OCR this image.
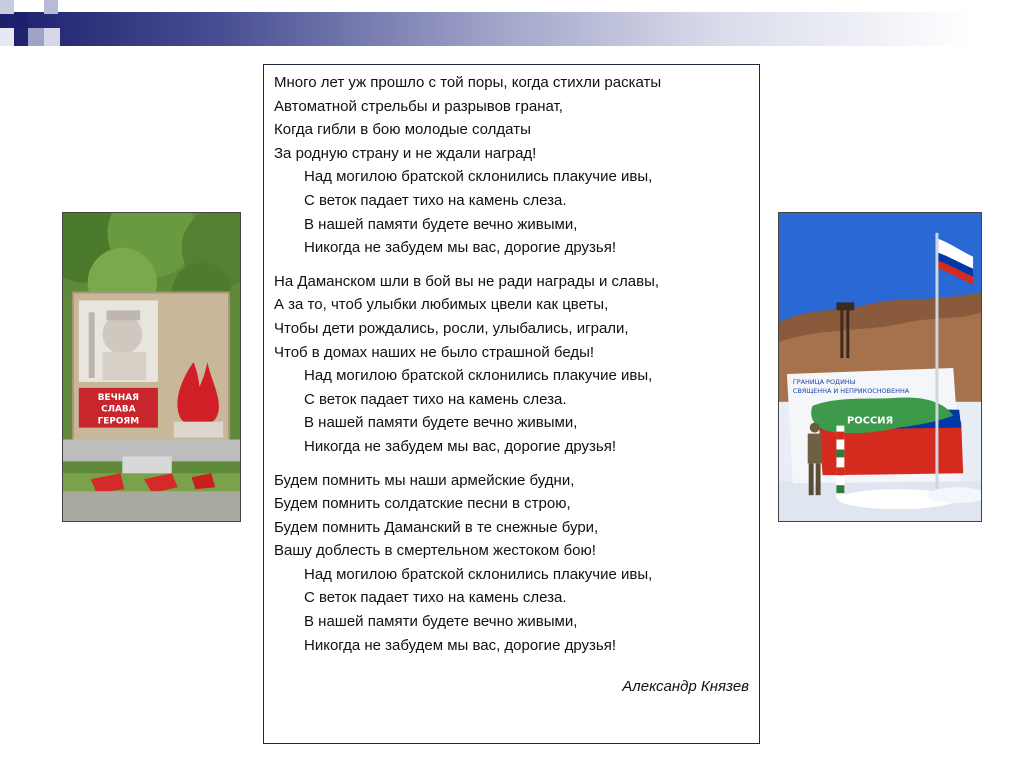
ВЕЧНАЯ
СЛАВА
ГЕРОЯМ
Много лет уж прошло с той поры, когда стихли раскаты
Автоматной стрельбы и разрывов гранат,
Когда гибли в бою молодые солдаты
За родную страну и не ждали наград!
Над могилою братской склонились плакучие ивы,
С веток падает тихо на камень слеза.
В нашей памяти будете вечно живыми,
Никогда не забудем мы вас, дорогие друзья!
На Даманском шли в бой вы не ради награды и славы,
А за то, чтоб улыбки любимых цвели как цветы,
Чтобы дети рождались, росли, улыбались, играли,
Чтоб в домах наших не было страшной беды!
Над могилою братской склонились плакучие ивы,
С веток падает тихо на камень слеза.
В нашей памяти будете вечно живыми,
Никогда не забудем мы вас, дорогие друзья!
Будем помнить мы наши армейские будни,
Будем помнить солдатские песни в строю,
Будем помнить Даманский в те снежные бури,
Вашу доблесть в смертельном жестоком бою!
Над могилою братской склонились плакучие ивы,
С веток падает тихо на камень слеза.
В нашей памяти будете вечно живыми,
Никогда не забудем мы вас, дорогие друзья!
Александр Князев
ГРАНИЦА РОДИНЫ
СВЯЩЕННА И НЕПРИКОСНОВЕННА
РОССИЯ
